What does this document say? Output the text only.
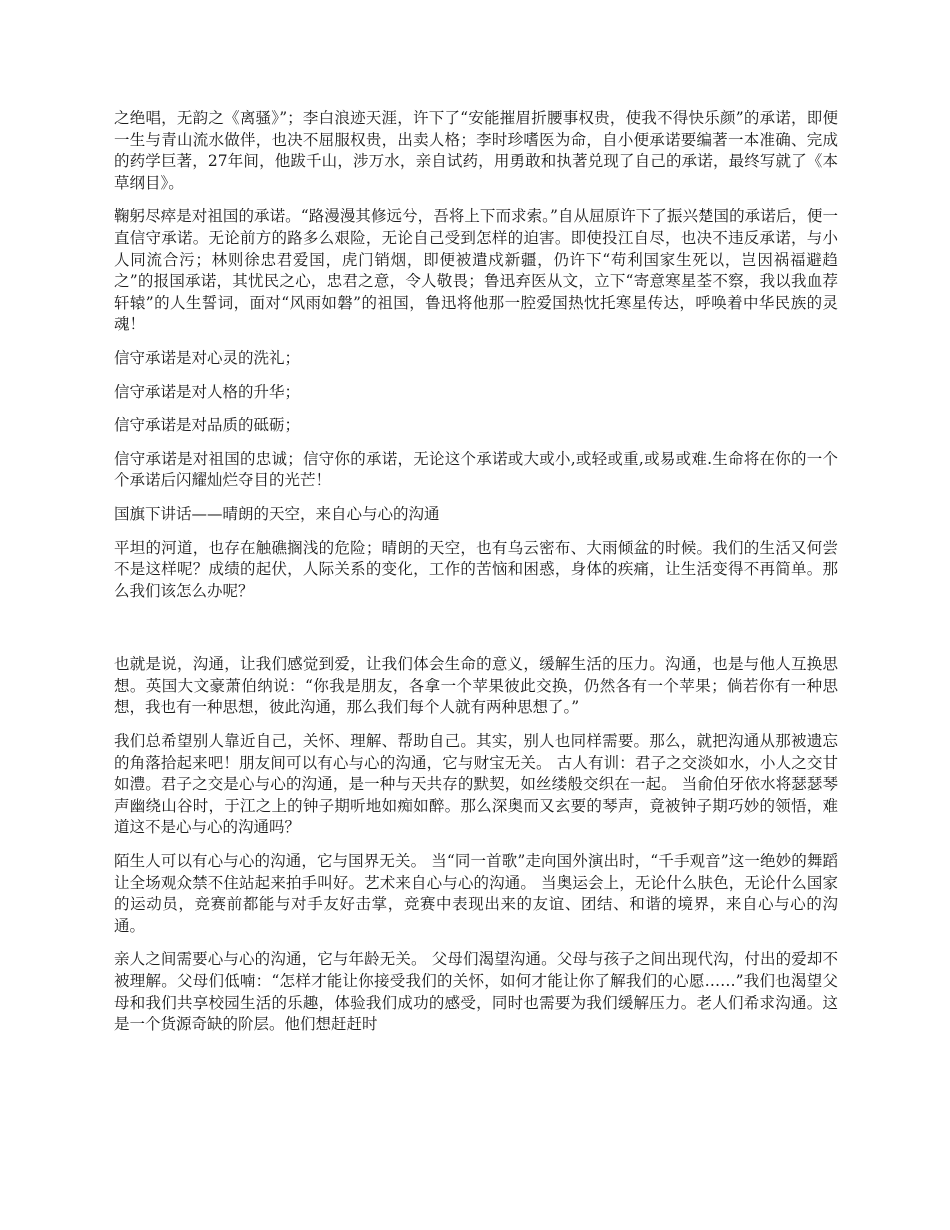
之绝唱，无韵之《离骚》”；李白浪迹天涯，许下了“安能摧眉折腰事权贵，使我不得快乐颜”的承诺，即便一生与青山流水做伴，也决不屈服权贵，出卖人格；李时珍嗜医为命，自小便承诺要编著一本准确、完成的药学巨著，27年间，他跋千山，涉万水，亲自试药，用勇敢和执著兑现了自己的承诺，最终写就了《本草纲目》。

鞠躬尽瘁是对祖国的承诺。“路漫漫其修远兮，吾将上下而求索。”自从屈原许下了振兴楚国的承诺后，便一直信守承诺。无论前方的路多么艰险，无论自己受到怎样的迫害。即使投江自尽，也决不违反承诺，与小人同流合污；林则徐忠君爱国，虎门销烟，即便被遣戍新疆，仍许下“苟利国家生死以，岂因祸福避趋之”的报国承诺，其忧民之心，忠君之意，令人敬畏；鲁迅弃医从文，立下“寄意寒星荃不察，我以我血荐轩辕”的人生誓词，面对“风雨如磐”的祖国，鲁迅将他那一腔爱国热忱托寒星传达，呼唤着中华民族的灵魂！

信守承诺是对心灵的洗礼；

信守承诺是对人格的升华；

信守承诺是对品质的砥砺；

信守承诺是对祖国的忠诚；信守你的承诺，无论这个承诺或大或小,或轻或重,或易或难.生命将在你的一个个承诺后闪耀灿烂夺目的光芒！

国旗下讲话——晴朗的天空，来自心与心的沟通

平坦的河道，也存在触礁搁浅的危险；晴朗的天空，也有乌云密布、大雨倾盆的时候。我们的生活又何尝不是这样呢？成绩的起伏，人际关系的变化，工作的苦恼和困惑，身体的疾痛，让生活变得不再简单。那么我们该怎么办呢？

也就是说，沟通，让我们感觉到爱，让我们体会生命的意义，缓解生活的压力。沟通，也是与他人互换思想。英国大文豪萧伯纳说：“你我是朋友，各拿一个苹果彼此交换，仍然各有一个苹果；倘若你有一种思想，我也有一种思想，彼此沟通，那么我们每个人就有两种思想了。”

我们总希望别人靠近自己，关怀、理解、帮助自己。其实，别人也同样需要。那么，就把沟通从那被遗忘的角落拾起来吧！朋友间可以有心与心的沟通，它与财宝无关。 古人有训：君子之交淡如水，小人之交甘如澧。君子之交是心与心的沟通，是一种与天共存的默契，如丝缕般交织在一起。 当俞伯牙依水将瑟瑟琴声幽绕山谷时，于江之上的钟子期听地如痴如醉。那么深奥而又玄要的琴声，竟被钟子期巧妙的领悟，难道这不是心与心的沟通吗？

陌生人可以有心与心的沟通，它与国界无关。 当“同一首歌”走向国外演出时，“千手观音”这一绝妙的舞蹈让全场观众禁不住站起来拍手叫好。艺术来自心与心的沟通。 当奥运会上，无论什么肤色，无论什么国家的运动员，竞赛前都能与对手友好击掌，竞赛中表现出来的友谊、团结、和谐的境界，来自心与心的沟通。

亲人之间需要心与心的沟通，它与年龄无关。 父母们渴望沟通。父母与孩子之间出现代沟，付出的爱却不被理解。父母们低喃：“怎样才能让你接受我们的关怀，如何才能让你了解我们的心愿……”我们也渴望父母和我们共享校园生活的乐趣，体验我们成功的感受，同时也需要为我们缓解压力。老人们希求沟通。这是一个货源奇缺的阶层。他们想赶赶时
